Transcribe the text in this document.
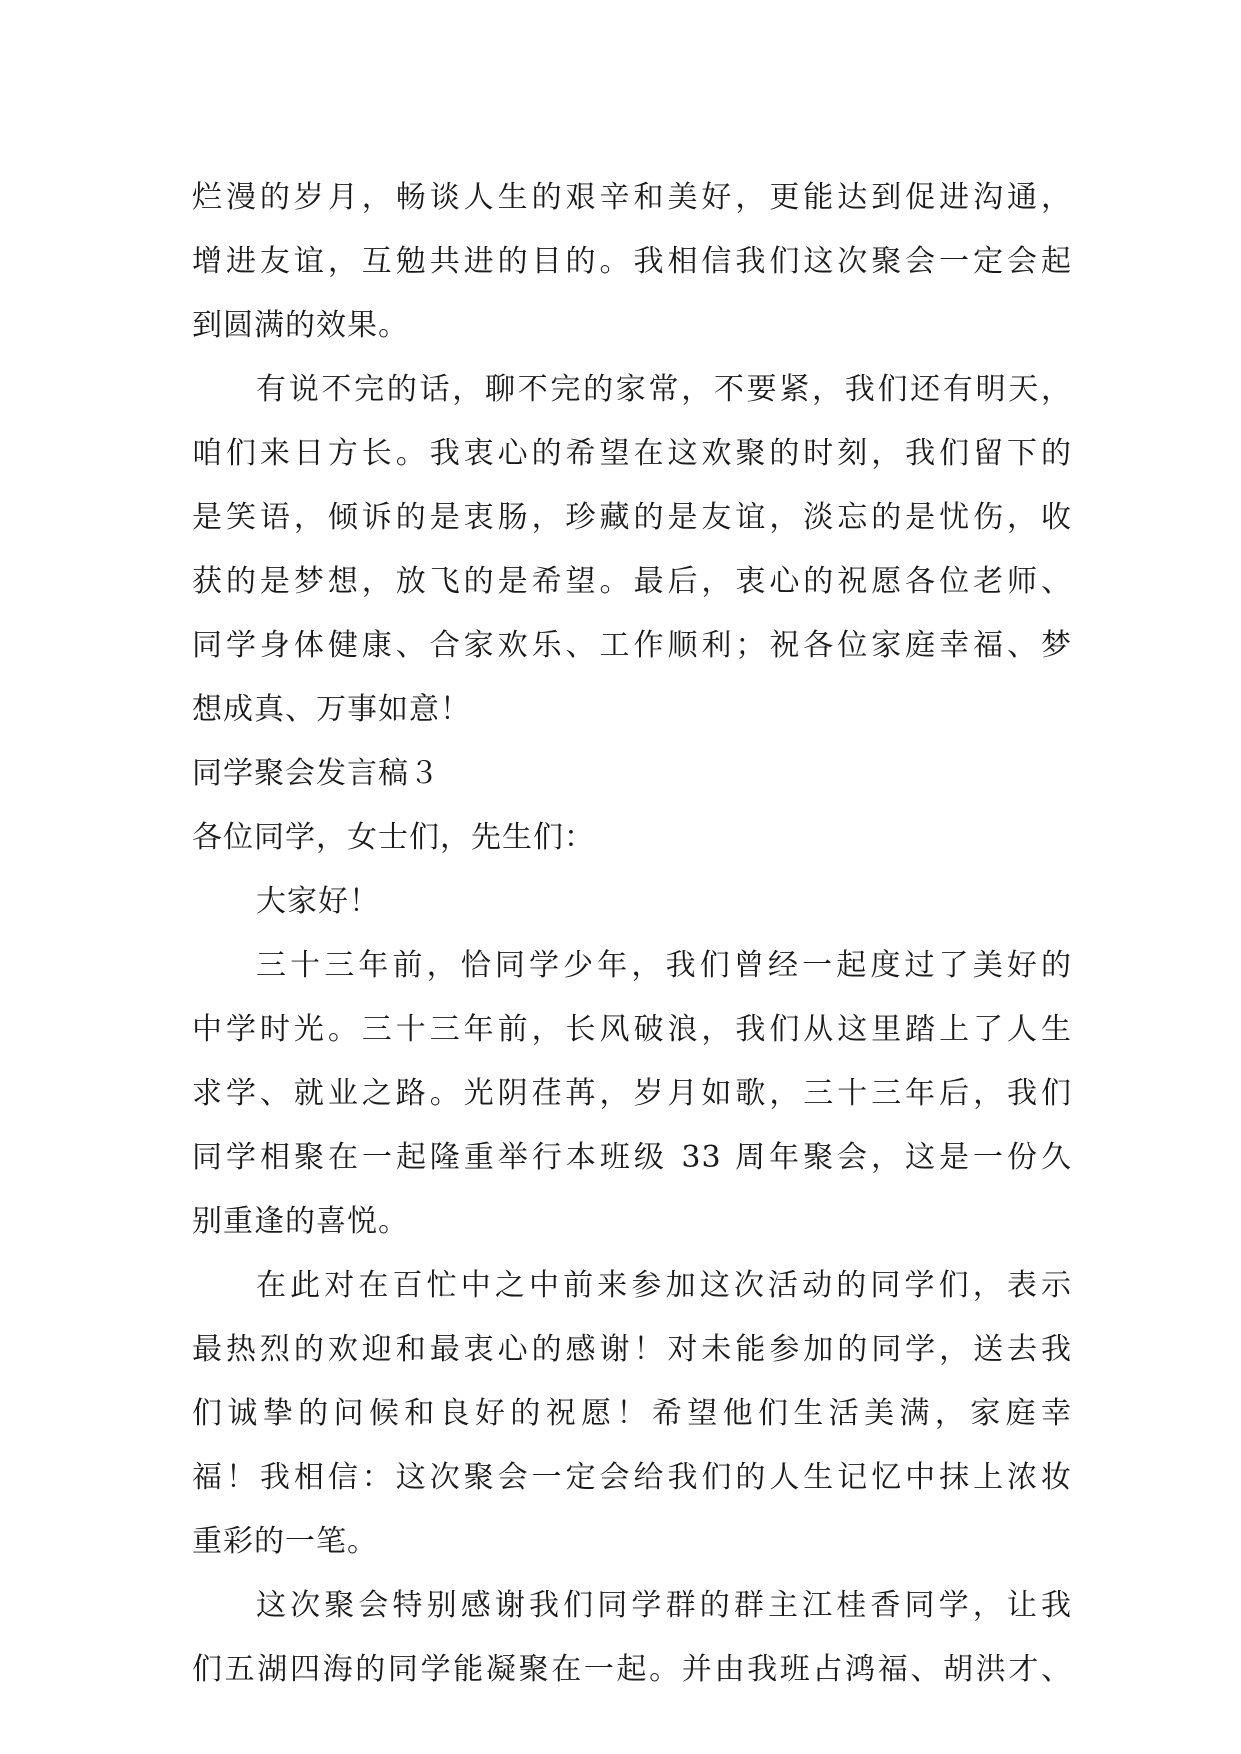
烂漫的岁月，畅谈人生的艰辛和美好，更能达到促进沟通，
增进友谊，互勉共进的目的。我相信我们这次聚会一定会起
到圆满的效果。
有说不完的话，聊不完的家常，不要紧，我们还有明天，
咱们来日方长。我衷心的希望在这欢聚的时刻，我们留下的
是笑语，倾诉的是衷肠，珍藏的是友谊，淡忘的是忧伤，收
获的是梦想，放飞的是希望。最后，衷心的祝愿各位老师、
同学身体健康、合家欢乐、工作顺利；祝各位家庭幸福、梦
想成真、万事如意！
同学聚会发言稿３
各位同学，女士们，先生们：
大家好！
三十三年前，恰同学少年，我们曾经一起度过了美好的
中学时光。三十三年前，长风破浪，我们从这里踏上了人生
求学、就业之路。光阴荏苒，岁月如歌，三十三年后，我们
同学相聚在一起隆重举行本班级 33 周年聚会，这是一份久
别重逢的喜悦。
在此对在百忙中之中前来参加这次活动的同学们，表示
最热烈的欢迎和最衷心的感谢！对未能参加的同学，送去我
们诚挚的问候和良好的祝愿！希望他们生活美满，家庭幸
福！我相信：这次聚会一定会给我们的人生记忆中抹上浓妆
重彩的一笔。
这次聚会特别感谢我们同学群的群主江桂香同学，让我
们五湖四海的同学能凝聚在一起。并由我班占鸿福、胡洪才、
